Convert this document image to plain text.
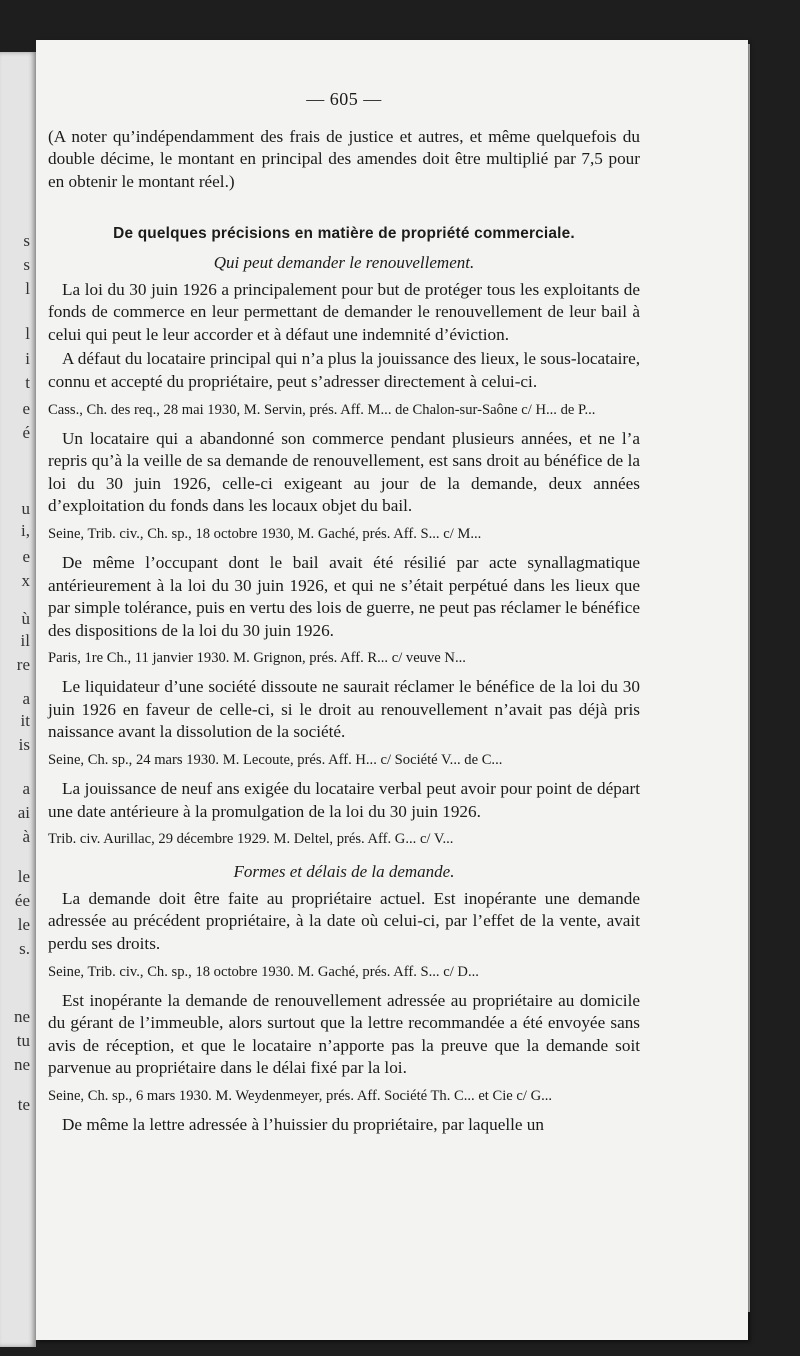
s
s
l
l
i
t
e
é
u
i,
e
x
ù
il
re
a
it
is
a
ai
à
le
ée
le
s.
ne
tu
ne
te
— 605 —

(A noter qu’indépendamment des frais de justice et autres, et même quelquefois du double décime, le montant en principal des amendes doit être multiplié par 7,5 pour en obtenir le montant réel.)

De quelques précisions en matière de propriété commerciale.
Qui peut demander le renouvellement.

La loi du 30 juin 1926 a principalement pour but de protéger tous les exploitants de fonds de commerce en leur permettant de demander le renouvellement de leur bail à celui qui peut le leur accorder et à défaut une indemnité d’éviction.

A défaut du locataire principal qui n’a plus la jouissance des lieux, le sous-locataire, connu et accepté du propriétaire, peut s’adresser directement à celui-ci.

Cass., Ch. des req., 28 mai 1930, M. Servin, prés. Aff. M... de Chalon-sur-Saône c/ H... de P...

Un locataire qui a abandonné son commerce pendant plusieurs années, et ne l’a repris qu’à la veille de sa demande de renouvellement, est sans droit au bénéfice de la loi du 30 juin 1926, celle-ci exigeant au jour de la demande, deux années d’exploitation du fonds dans les locaux objet du bail.

Seine, Trib. civ., Ch. sp., 18 octobre 1930, M. Gaché, prés. Aff. S... c/ M...

De même l’occupant dont le bail avait été résilié par acte synallagmatique antérieurement à la loi du 30 juin 1926, et qui ne s’était perpétué dans les lieux que par simple tolérance, puis en vertu des lois de guerre, ne peut pas réclamer le bénéfice des dispositions de la loi du 30 juin 1926.

Paris, 1re Ch., 11 janvier 1930. M. Grignon, prés. Aff. R... c/ veuve N...

Le liquidateur d’une société dissoute ne saurait réclamer le bénéfice de la loi du 30 juin 1926 en faveur de celle-ci, si le droit au renouvellement n’avait pas déjà pris naissance avant la dissolution de la société.

Seine, Ch. sp., 24 mars 1930. M. Lecoute, prés. Aff. H... c/ Société V... de C...

La jouissance de neuf ans exigée du locataire verbal peut avoir pour point de départ une date antérieure à la promulgation de la loi du 30 juin 1926.

Trib. civ. Aurillac, 29 décembre 1929. M. Deltel, prés. Aff. G... c/ V...

Formes et délais de la demande.

La demande doit être faite au propriétaire actuel. Est inopérante une demande adressée au précédent propriétaire, à la date où celui-ci, par l’effet de la vente, avait perdu ses droits.

Seine, Trib. civ., Ch. sp., 18 octobre 1930. M. Gaché, prés. Aff. S... c/ D...

Est inopérante la demande de renouvellement adressée au propriétaire au domicile du gérant de l’immeuble, alors surtout que la lettre recommandée a été envoyée sans avis de réception, et que le locataire n’apporte pas la preuve que la demande soit parvenue au propriétaire dans le délai fixé par la loi.

Seine, Ch. sp., 6 mars 1930. M. Weydenmeyer, prés. Aff. Société Th. C... et Cie c/ G...

De même la lettre adressée à l’huissier du propriétaire, par laquelle un
